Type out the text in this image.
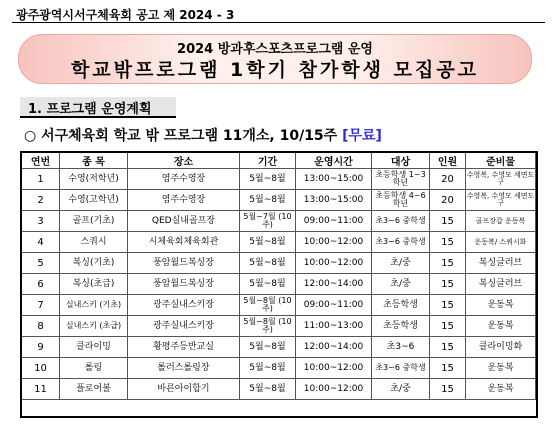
광주광역시서구체육회 공고 제 2024 - 3
2024 방과후스포츠프로그램 운영
학교밖프로그램 1학기 참가학생 모집공고
1. 프로그램 운영계획
○ 서구체육회 학교 밖 프로그램 11개소, 10/15주 [무료]
연번	종 목	장소	기간	운영시간	대상	인원	준비물
1	수영(저학년)	염주수영장	5월~8월	13:00~15:00	초등학생 1~3학년	20	수영복, 수영모 세면도구
2	수영(고학년)	염주수영장	5월~8월	13:00~15:00	초등학생 4~6학년	20	수영복, 수영모 세면도구
3	골프(기초)	QED실내골프장	5월~7월 (10주)	09:00~11:00	초3~6 중학생	15	골프장갑 운동복
4	스쿼시	시체육회체육회관	5월~8월	10:00~12:00	초3~6 중학생	15	운동복/ 스쿼시화
5	복싱(기초)	풍암월드복싱장	5월~8월	10:00~12:00	초/중	15	복싱글러브
6	복싱(초급)	풍암월드복싱장	5월~8월	12:00~14:00	초/중	15	복싱글러브
7	실내스키 (기초)	광주실내스키장	5월~8월 (10주)	09:00~11:00	초등학생	15	운동복
8	실내스키 (초급)	광주실내스키장	5월~8월 (10주)	11:00~13:00	초등학생	15	운동복
9	클라이밍	황평주등반교실	5월~8월	12:00~14:00	초3~6	15	클라이밍화
10	롤링	롤러스롤링장	5월~8월	10:00~12:00	초3~6 중학생	15	운동복
11	플로어볼	바른아이합기	5월~8월	10:00~12:00	초/중	15	운동복
